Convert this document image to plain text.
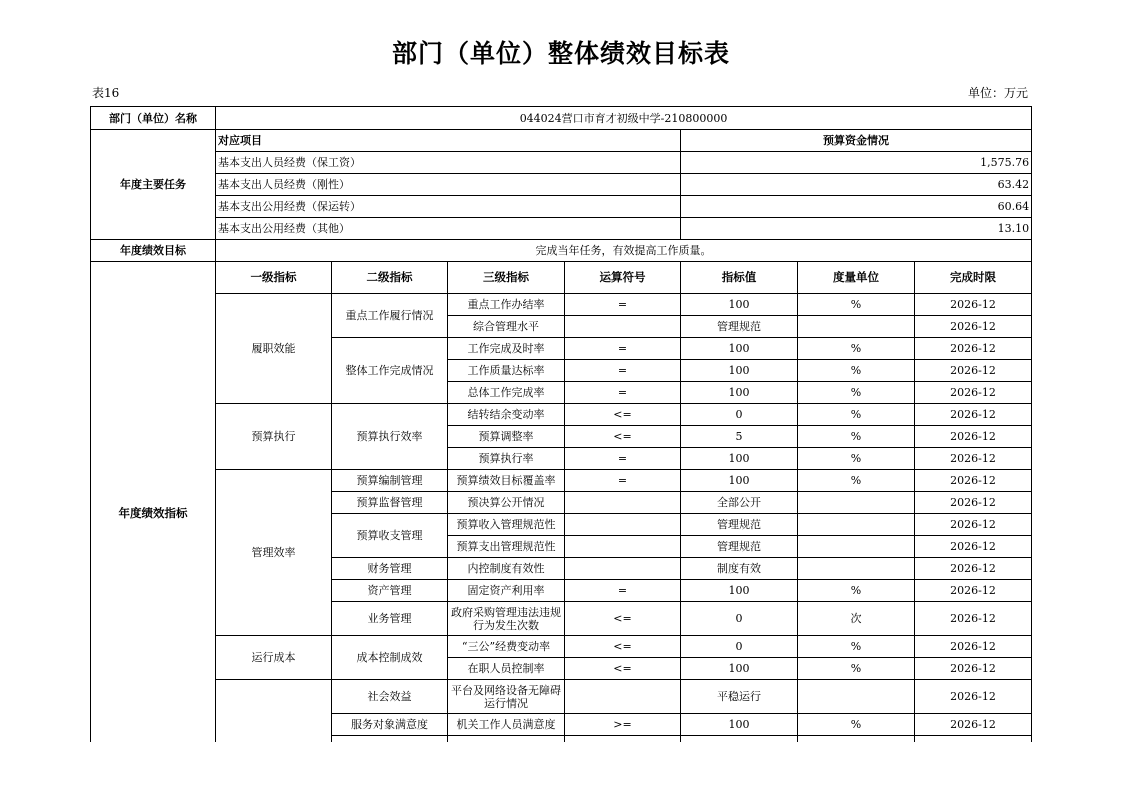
部门（单位）整体绩效目标表
表16	单位：万元
部门（单位）名称	044024营口市育才初级中学-210800000						
年度主要任务	对应项目				预算资金情况		
	基本支出人员经费（保工资）				1,575.76		
	基本支出人员经费（刚性）				63.42		
	基本支出公用经费（保运转）				60.64		
	基本支出公用经费（其他）				13.10		
年度绩效目标	完成当年任务，有效提高工作质量。						
年度绩效指标	一级指标	二级指标	三级指标	运算符号	指标值	度量单位	完成时限
	履职效能	重点工作履行情况	重点工作办结率	=	100	%	2026-12
			综合管理水平		管理规范		2026-12
		整体工作完成情况	工作完成及时率	=	100	%	2026-12
			工作质量达标率	=	100	%	2026-12
			总体工作完成率	=	100	%	2026-12
	预算执行	预算执行效率	结转结余变动率	<=	0	%	2026-12
			预算调整率	<=	5	%	2026-12
			预算执行率	=	100	%	2026-12
	管理效率	预算编制管理	预算绩效目标覆盖率	=	100	%	2026-12
		预算监督管理	预决算公开情况		全部公开		2026-12
		预算收支管理	预算收入管理规范性		管理规范		2026-12
			预算支出管理规范性		管理规范		2026-12
		财务管理	内控制度有效性		制度有效		2026-12
		资产管理	固定资产利用率	=	100	%	2026-12
		业务管理	政府采购管理违法违规行为发生次数	<=	0	次	2026-12
	运行成本	成本控制成效	“三公”经费变动率	<=	0	%	2026-12
			在职人员控制率	<=	100	%	2026-12
	社会效益	平台及网络设备无障碍运行情况		平稳运行		2026-12
		服务对象满意度	机关工作人员满意度	>=	100	%	2026-12
